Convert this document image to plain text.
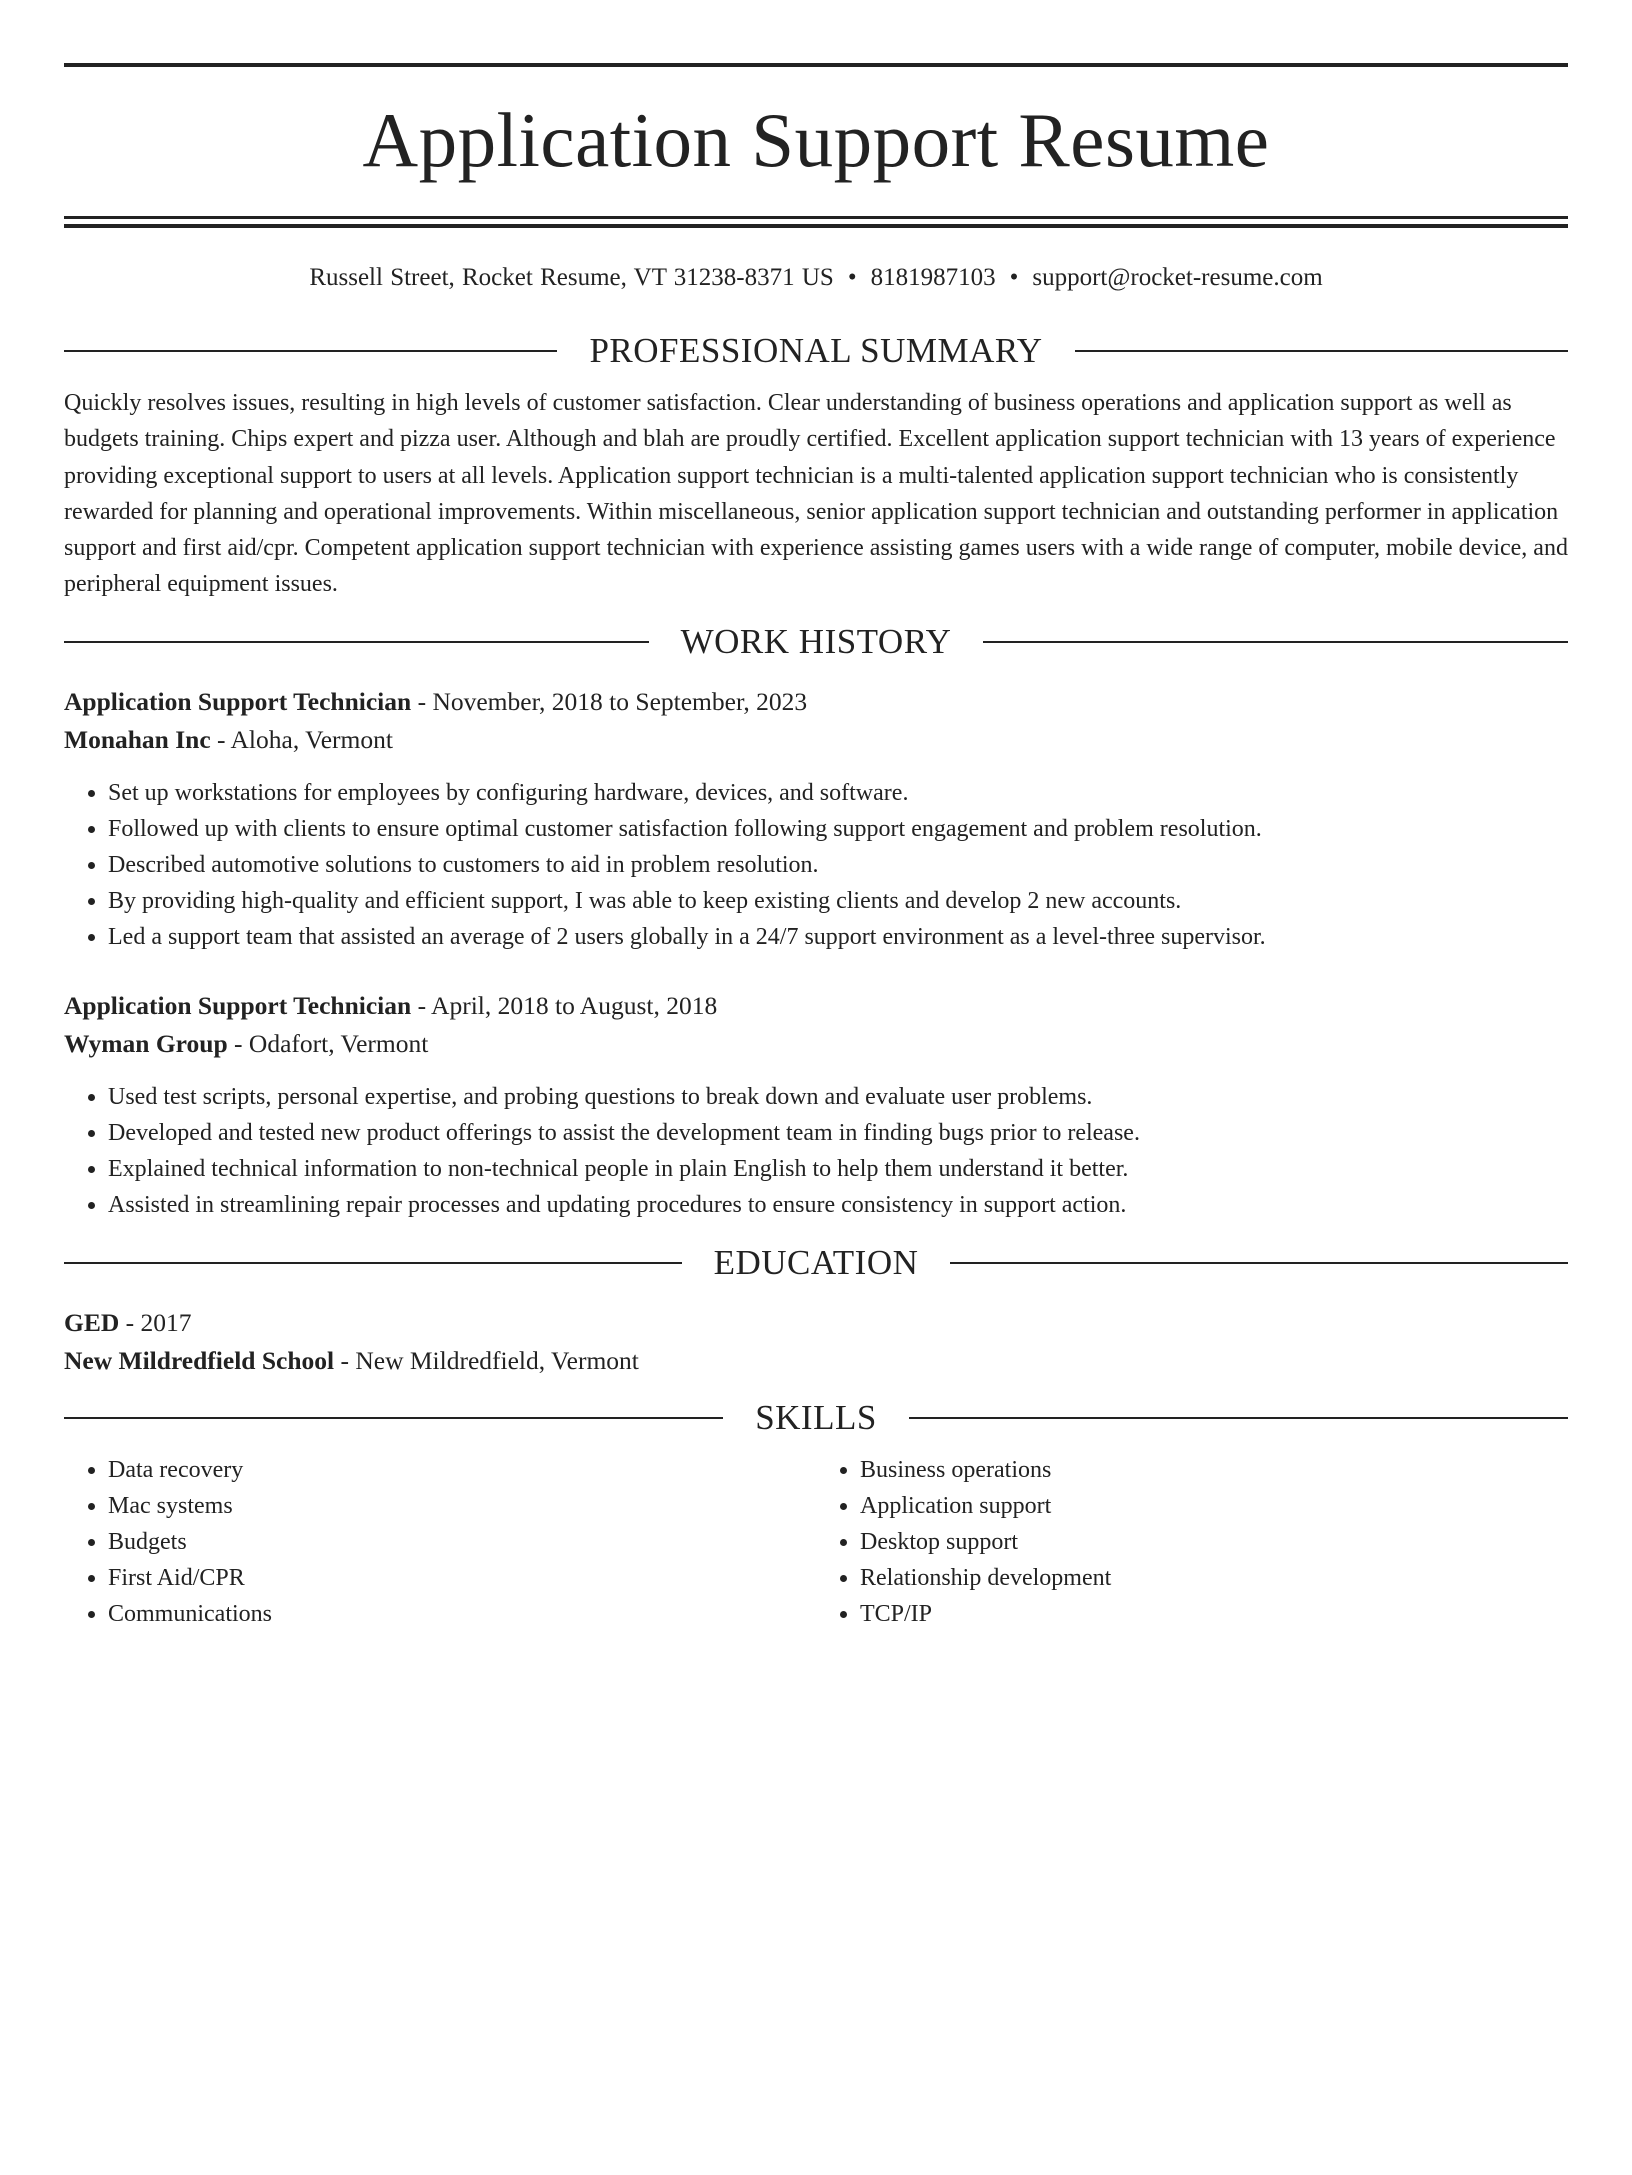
Application Support Resume
Russell Street, Rocket Resume, VT 31238-8371 US • 8181987103 • support@rocket-resume.com
PROFESSIONAL SUMMARY

Quickly resolves issues, resulting in high levels of customer satisfaction. Clear understanding of business operations and application support as well as budgets training. Chips expert and pizza user. Although and blah are proudly certified. Excellent application support technician with 13 years of experience providing exceptional support to users at all levels. Application support technician is a multi-talented application support technician who is consistently rewarded for planning and operational improvements. Within miscellaneous, senior application support technician and outstanding performer in application support and first aid/cpr. Competent application support technician with experience assisting games users with a wide range of computer, mobile device, and peripheral equipment issues.

WORK HISTORY
Application Support Technician - November, 2018 to September, 2023
Monahan Inc - Aloha, Vermont
• Set up workstations for employees by configuring hardware, devices, and software.
• Followed up with clients to ensure optimal customer satisfaction following support engagement and problem resolution.
• Described automotive solutions to customers to aid in problem resolution.
• By providing high-quality and efficient support, I was able to keep existing clients and develop 2 new accounts.
• Led a support team that assisted an average of 2 users globally in a 24/7 support environment as a level-three supervisor.
Application Support Technician - April, 2018 to August, 2018
Wyman Group - Odafort, Vermont
• Used test scripts, personal expertise, and probing questions to break down and evaluate user problems.
• Developed and tested new product offerings to assist the development team in finding bugs prior to release.
• Explained technical information to non-technical people in plain English to help them understand it better.
• Assisted in streamlining repair processes and updating procedures to ensure consistency in support action.
EDUCATION
GED - 2017
New Mildredfield School - New Mildredfield, Vermont
SKILLS
• Data recovery
• Mac systems
• Budgets
• First Aid/CPR
• Communications
• Business operations
• Application support
• Desktop support
• Relationship development
• TCP/IP
